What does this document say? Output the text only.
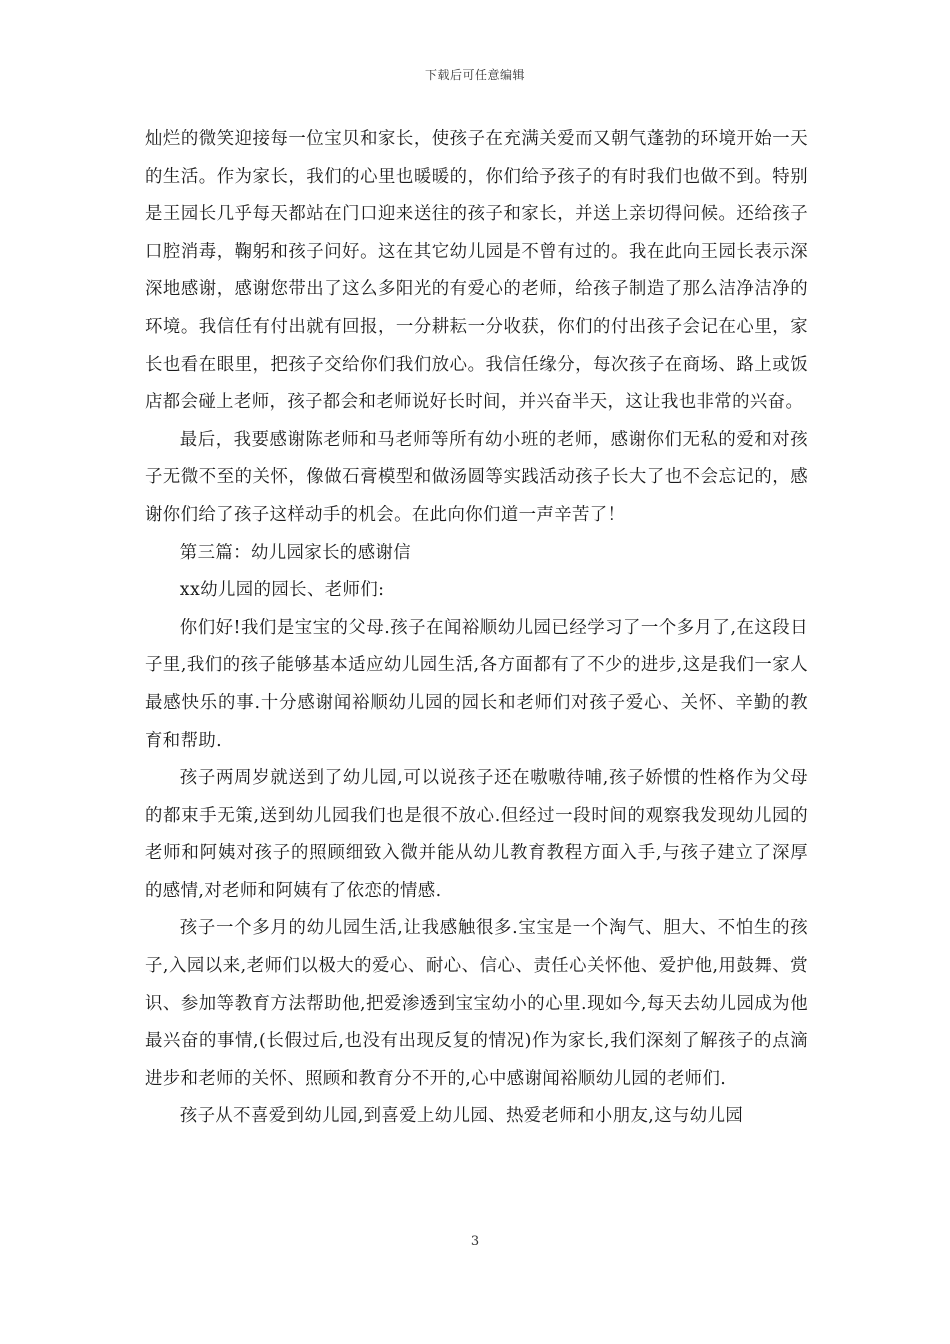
下载后可任意编辑

灿烂的微笑迎接每一位宝贝和家长，使孩子在充满关爱而又朝气蓬勃的环境开始一天的生活。作为家长，我们的心里也暖暖的，你们给予孩子的有时我们也做不到。特别是王园长几乎每天都站在门口迎来送往的孩子和家长，并送上亲切得问候。还给孩子口腔消毒，鞠躬和孩子问好。这在其它幼儿园是不曾有过的。我在此向王园长表示深深地感谢，感谢您带出了这么多阳光的有爱心的老师，给孩子制造了那么洁净洁净的环境。我信任有付出就有回报，一分耕耘一分收获，你们的付出孩子会记在心里，家长也看在眼里，把孩子交给你们我们放心。我信任缘分，每次孩子在商场、路上或饭店都会碰上老师，孩子都会和老师说好长时间，并兴奋半天，这让我也非常的兴奋。

最后，我要感谢陈老师和马老师等所有幼小班的老师，感谢你们无私的爱和对孩子无微不至的关怀，像做石膏模型和做汤圆等实践活动孩子长大了也不会忘记的，感谢你们给了孩子这样动手的机会。在此向你们道一声辛苦了！

第三篇：幼儿园家长的感谢信

xx幼儿园的园长、老师们:

你们好!我们是宝宝的父母.孩子在闻裕顺幼儿园已经学习了一个多月了,在这段日子里,我们的孩子能够基本适应幼儿园生活,各方面都有了不少的进步,这是我们一家人最感快乐的事.十分感谢闻裕顺幼儿园的园长和老师们对孩子爱心、关怀、辛勤的教育和帮助.

孩子两周岁就送到了幼儿园,可以说孩子还在嗷嗷待哺,孩子娇惯的性格作为父母的都束手无策,送到幼儿园我们也是很不放心.但经过一段时间的观察我发现幼儿园的老师和阿姨对孩子的照顾细致入微并能从幼儿教育教程方面入手,与孩子建立了深厚的感情,对老师和阿姨有了依恋的情感.

孩子一个多月的幼儿园生活,让我感触很多.宝宝是一个淘气、胆大、不怕生的孩子,入园以来,老师们以极大的爱心、耐心、信心、责任心关怀他、爱护他,用鼓舞、赏识、参加等教育方法帮助他,把爱渗透到宝宝幼小的心里.现如今,每天去幼儿园成为他最兴奋的事情,(长假过后,也没有出现反复的情况)作为家长,我们深刻了解孩子的点滴进步和老师的关怀、照顾和教育分不开的,心中感谢闻裕顺幼儿园的老师们.

孩子从不喜爱到幼儿园,到喜爱上幼儿园、热爱老师和小朋友,这与幼儿园

3
